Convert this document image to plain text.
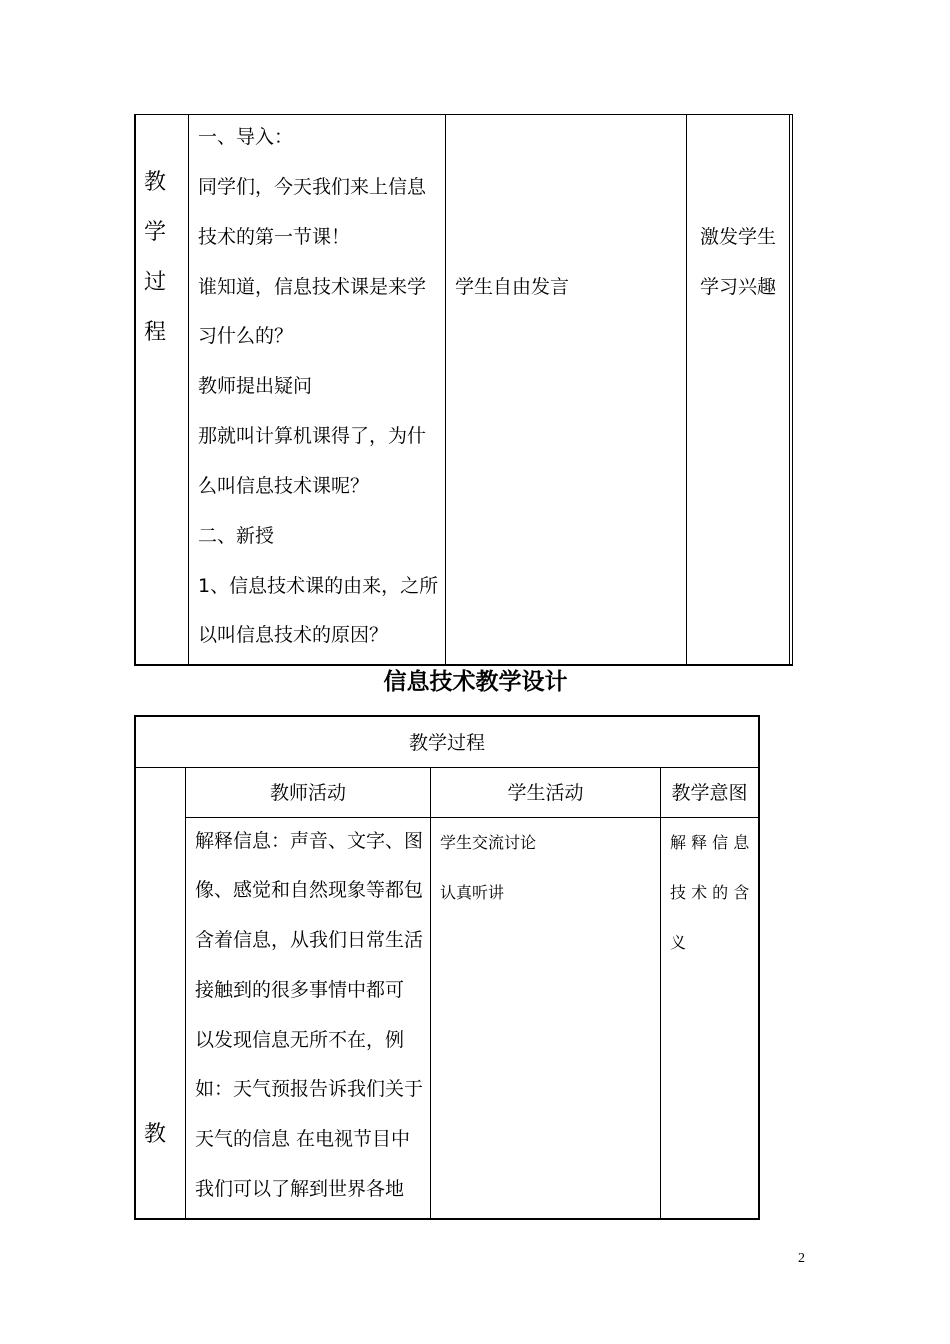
教
学
过
程
一、导入：
同学们，今天我们来上信息
技术的第一节课！
谁知道，信息技术课是来学
习什么的？
教师提出疑问
那就叫计算机课得了，为什
么叫信息技术课呢？
二、新授
1、信息技术课的由来，之所
以叫信息技术的原因？
学生自由发言
激发学生
学习兴趣
信息技术教学设计
教学过程
教师活动	学生活动	教学意图
教
解释信息：声音、文字、图
像、感觉和自然现象等都包
含着信息，从我们日常生活
接触到的很多事情中都可
以发现信息无所不在，例
如：天气预报告诉我们关于
天气的信息 在电视节目中
我们可以了解到世界各地
学生交流讨论
认真听讲
解 释 信 息
技 术 的 含
义
2
